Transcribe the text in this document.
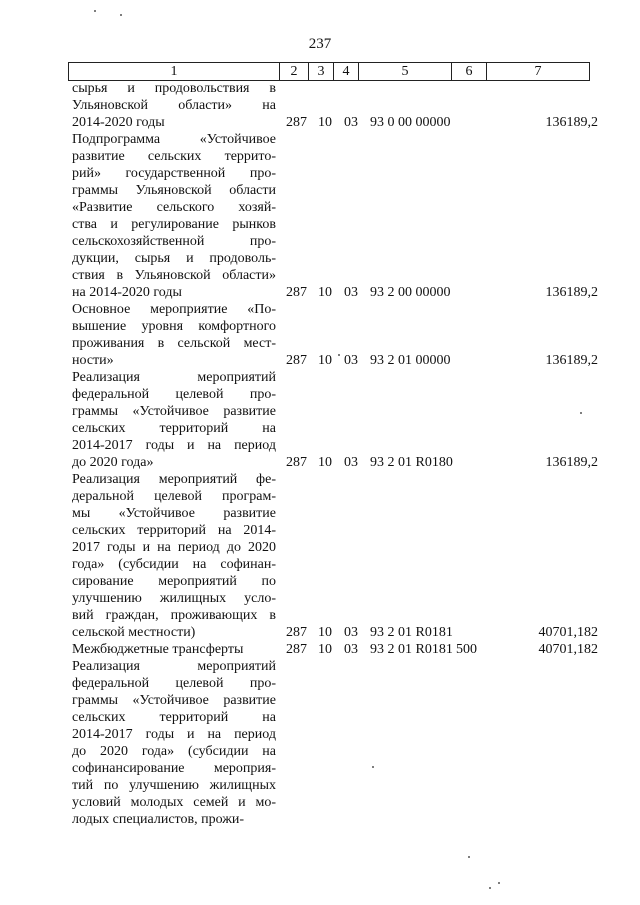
237
1	2	3	4	5	6	7
сырья и продовольствия в
Ульяновской области» на
2014-2020 годы	287 10 03 93 0 00 00000	136189,2
Подпрограмма «Устойчивое
развитие сельских террито-
рий» государственной про-
граммы Ульяновской области
«Развитие сельского хозяй-
ства и регулирование рынков
сельскохозяйственной про-
дукции, сырья и продоволь-
ствия в Ульяновской области»
на 2014-2020 годы	287 10 03 93 2 00 00000	136189,2
Основное мероприятие «По-
вышение уровня комфортного
проживания в сельской мест-
ности»	287 10 03 93 2 01 00000	136189,2
Реализация мероприятий
федеральной целевой про-
граммы «Устойчивое развитие
сельских территорий на
2014-2017 годы и на период
до 2020 года»	287 10 03 93 2 01 R0180	136189,2
Реализация мероприятий фе-
деральной целевой програм-
мы «Устойчивое развитие
сельских территорий на 2014-
2017 годы и на период до 2020
года» (субсидии на софинан-
сирование мероприятий по
улучшению жилищных усло-
вий граждан, проживающих в
сельской местности)	287 10 03 93 2 01 R0181	40701,182
Межбюджетные трансферты	287 10 03 93 2 01 R0181 500	40701,182
Реализация мероприятий
федеральной целевой про-
граммы «Устойчивое развитие
сельских территорий на
2014-2017 годы и на период
до 2020 года» (субсидии на
софинансирование мероприя-
тий по улучшению жилищных
условий молодых семей и мо-
лодых специалистов, прожи-
